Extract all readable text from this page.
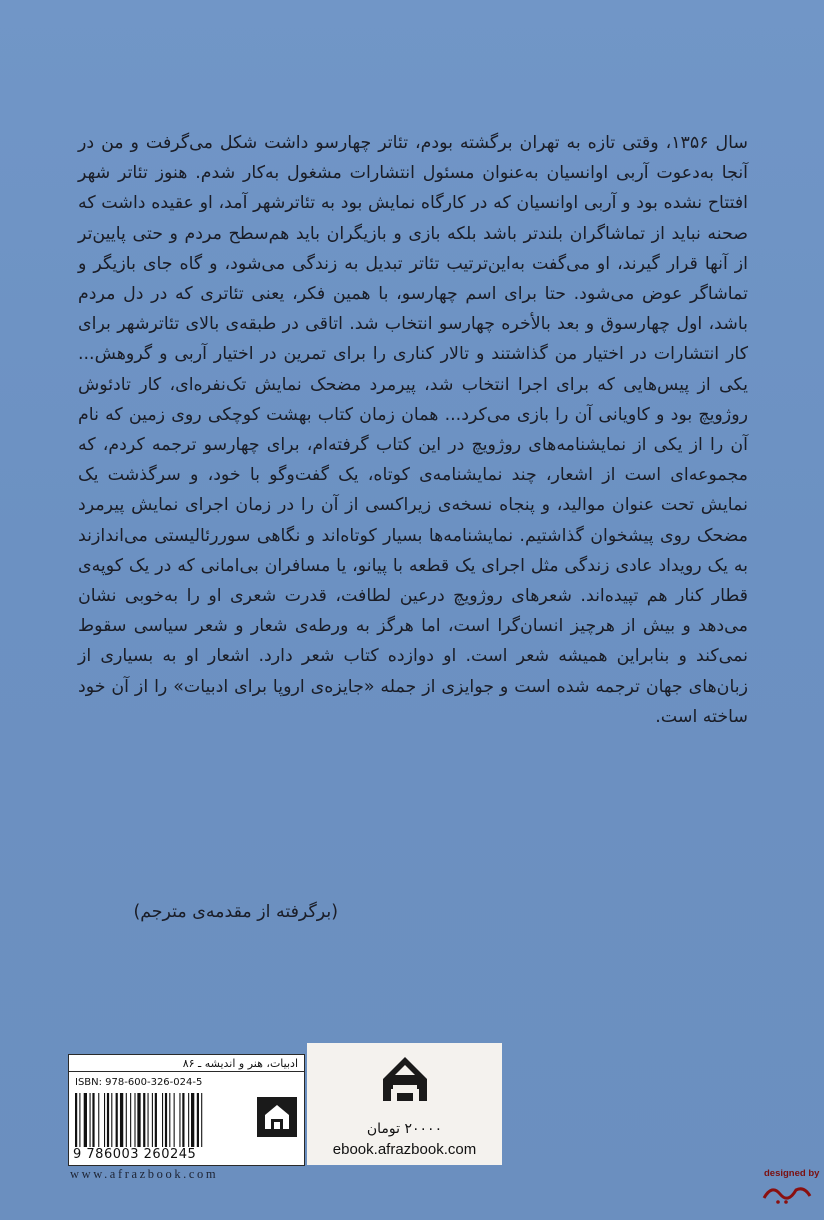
سال ۱۳۵۶، وقتی تازه به تهران برگشته بودم، تئاتر چهارسو داشت شکل می‌گرفت و من در آنجا به‌دعوت آربی اوانسیان به‌عنوان مسئول انتشارات مشغول به‌کار شدم. هنوز تئاتر شهر افتتاح نشده بود و آربی اوانسیان که در کارگاه نمایش بود به تئاترشهر آمد، او عقیده داشت که صحنه نباید از تماشاگران بلندتر باشد بلکه بازی و بازیگران باید هم‌سطح مردم و حتی پایین‌تر از آنها قرار گیرند، او می‌گفت به‌این‌ترتیب تئاتر تبدیل به زندگی می‌شود، و گاه جای بازیگر و تماشاگر عوض می‌شود. حتا برای اسم چهارسو، با همین فکر، یعنی تئاتری که در دل مردم باشد، اول چهارسوق و بعد بالأخره چهارسو انتخاب شد. اتاقی در طبقه‌ی بالای تئاترشهر برای کار انتشارات در اختیار من گذاشتند و تالار کناری را برای تمرین در اختیار آربی و گروهش... یکی از پیس‌هایی که برای اجرا انتخاب شد، پیرمرد مضحک نمایش تک‌نفره‌ای، کار تادئوش روژویچ بود و کاویانی آن را بازی می‌کرد... همان زمان کتاب بهشت کوچکی روی زمین که نام آن را از یکی از نمایشنامه‌های روژویچ در این کتاب گرفته‌ام، برای چهارسو ترجمه کردم، که مجموعه‌ای است از اشعار، چند نمایشنامه‌ی کوتاه، یک گفت‌وگو با خود، و سرگذشت یک نمایش تحت عنوان موالید، و پنجاه نسخه‌ی زیراکسی از آن را در زمان اجرای نمایش پیرمرد مضحک روی پیشخوان گذاشتیم. نمایشنامه‌ها بسیار کوتاه‌اند و نگاهی سوررئالیستی می‌اندازند به یک رویداد عادی زندگی مثل اجرای یک قطعه با پیانو، یا مسافران بی‌امانی که در یک کوپه‌ی قطار کنار هم تپیده‌اند. شعرهای روژویچ درعین لطافت، قدرت شعری او را به‌خوبی نشان می‌دهد و بیش از هرچیز انسان‌گرا است، اما هرگز به ورطه‌ی شعار و شعر سیاسی سقوط نمی‌کند و بنابراین همیشه شعر است. او دوازده کتاب شعر دارد. اشعار او به بسیاری از زبان‌های جهان ترجمه شده است و جوایزی از جمله «جایزه‌ی اروپا برای ادبیات» را از آن خود ساخته است.

(برگرفته از مقدمه‌ی مترجم)
ادبیات، هنر و اندیشه ـ ۸۶
ISBN: 978-600-326-024-5
9 786003 260245
۲۰۰۰۰ تومان
ebook.afrazbook.com
www.afrazbook.com	designed by
